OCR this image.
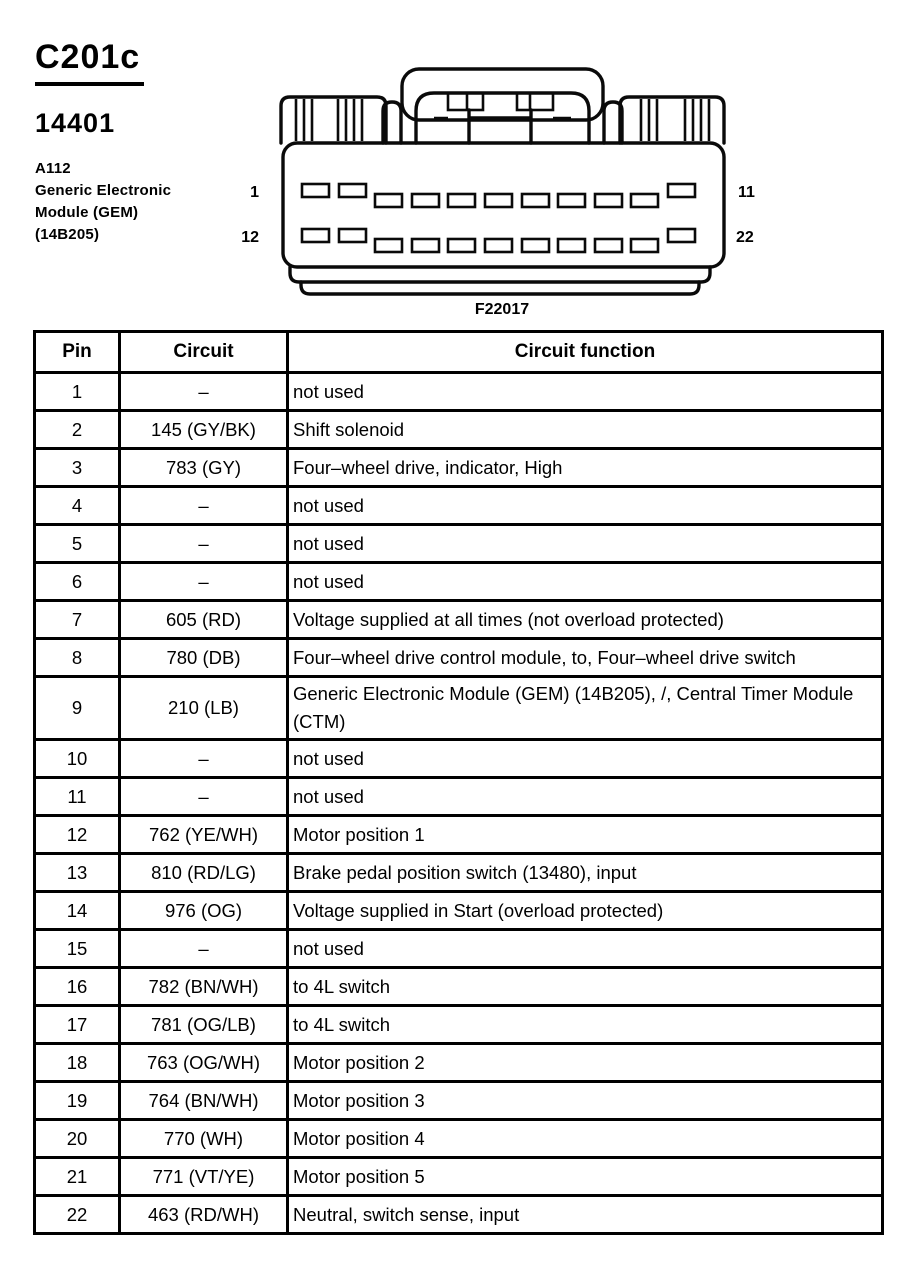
C201c
14401
A112
Generic Electronic
Module (GEM)
(14B205)
1
12
11
22
F22017
Pin	Circuit	Circuit function
1	–	not used
2	145 (GY/BK)	Shift solenoid
3	783 (GY)	Four–wheel drive, indicator, High
4	–	not used
5	–	not used
6	–	not used
7	605 (RD)	Voltage supplied at all times (not overload protected)
8	780 (DB)	Four–wheel drive control module, to, Four–wheel drive switch
9	210 (LB)	Generic Electronic Module (GEM) (14B205), /, Central Timer Module (CTM)
10	–	not used
11	–	not used
12	762 (YE/WH)	Motor position 1
13	810 (RD/LG)	Brake pedal position switch (13480), input
14	976 (OG)	Voltage supplied in Start (overload protected)
15	–	not used
16	782 (BN/WH)	to 4L switch
17	781 (OG/LB)	to 4L switch
18	763 (OG/WH)	Motor position 2
19	764 (BN/WH)	Motor position 3
20	770 (WH)	Motor position 4
21	771 (VT/YE)	Motor position 5
22	463 (RD/WH)	Neutral, switch sense, input
